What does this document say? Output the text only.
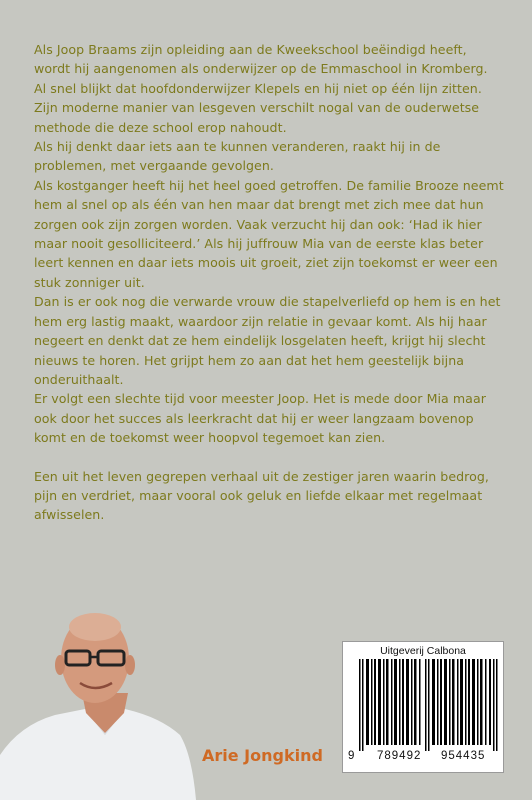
Als Joop Braams zijn opleiding aan de Kweekschool beëindigd heeft, wordt hij aangenomen als onderwijzer op de Emmaschool in Kromberg.

Al snel blijkt dat hoofdonderwijzer Klepels en hij niet op één lijn zitten.

Zijn moderne manier van lesgeven verschilt nogal van de ouderwetse methode die deze school erop nahoudt.

Als hij denkt daar iets aan te kunnen veranderen, raakt hij in de problemen, met vergaande gevolgen.

Als kostganger heeft hij het heel goed getroffen. De familie Brooze neemt hem al snel op als één van hen maar dat brengt met zich mee dat hun zorgen ook zijn zorgen worden. Vaak verzucht hij dan ook: ‘Had ik hier maar nooit gesolliciteerd.’ Als hij juffrouw Mia van de eerste klas beter leert kennen en daar iets moois uit groeit, ziet zijn toekomst er weer een stuk zonniger uit.

Dan is er ook nog die verwarde vrouw die stapelverliefd op hem is en het hem erg lastig maakt, waardoor zijn relatie in gevaar komt. Als hij haar negeert en denkt dat ze hem eindelijk losgelaten heeft, krijgt hij slecht nieuws te horen. Het grijpt hem zo aan dat het hem geestelijk bijna onderuithaalt.

Er volgt een slechte tijd voor meester Joop. Het is mede door Mia maar ook door het succes als leerkracht dat hij er weer langzaam bovenop komt en de toekomst weer hoopvol tegemoet kan zien.

Een uit het leven gegrepen verhaal uit de zestiger jaren waarin bedrog, pijn en verdriet, maar vooral ook geluk en liefde elkaar met regelmaat afwisselen.

Arie Jongkind
Uitgeverij Calbona
9 789492 954435
